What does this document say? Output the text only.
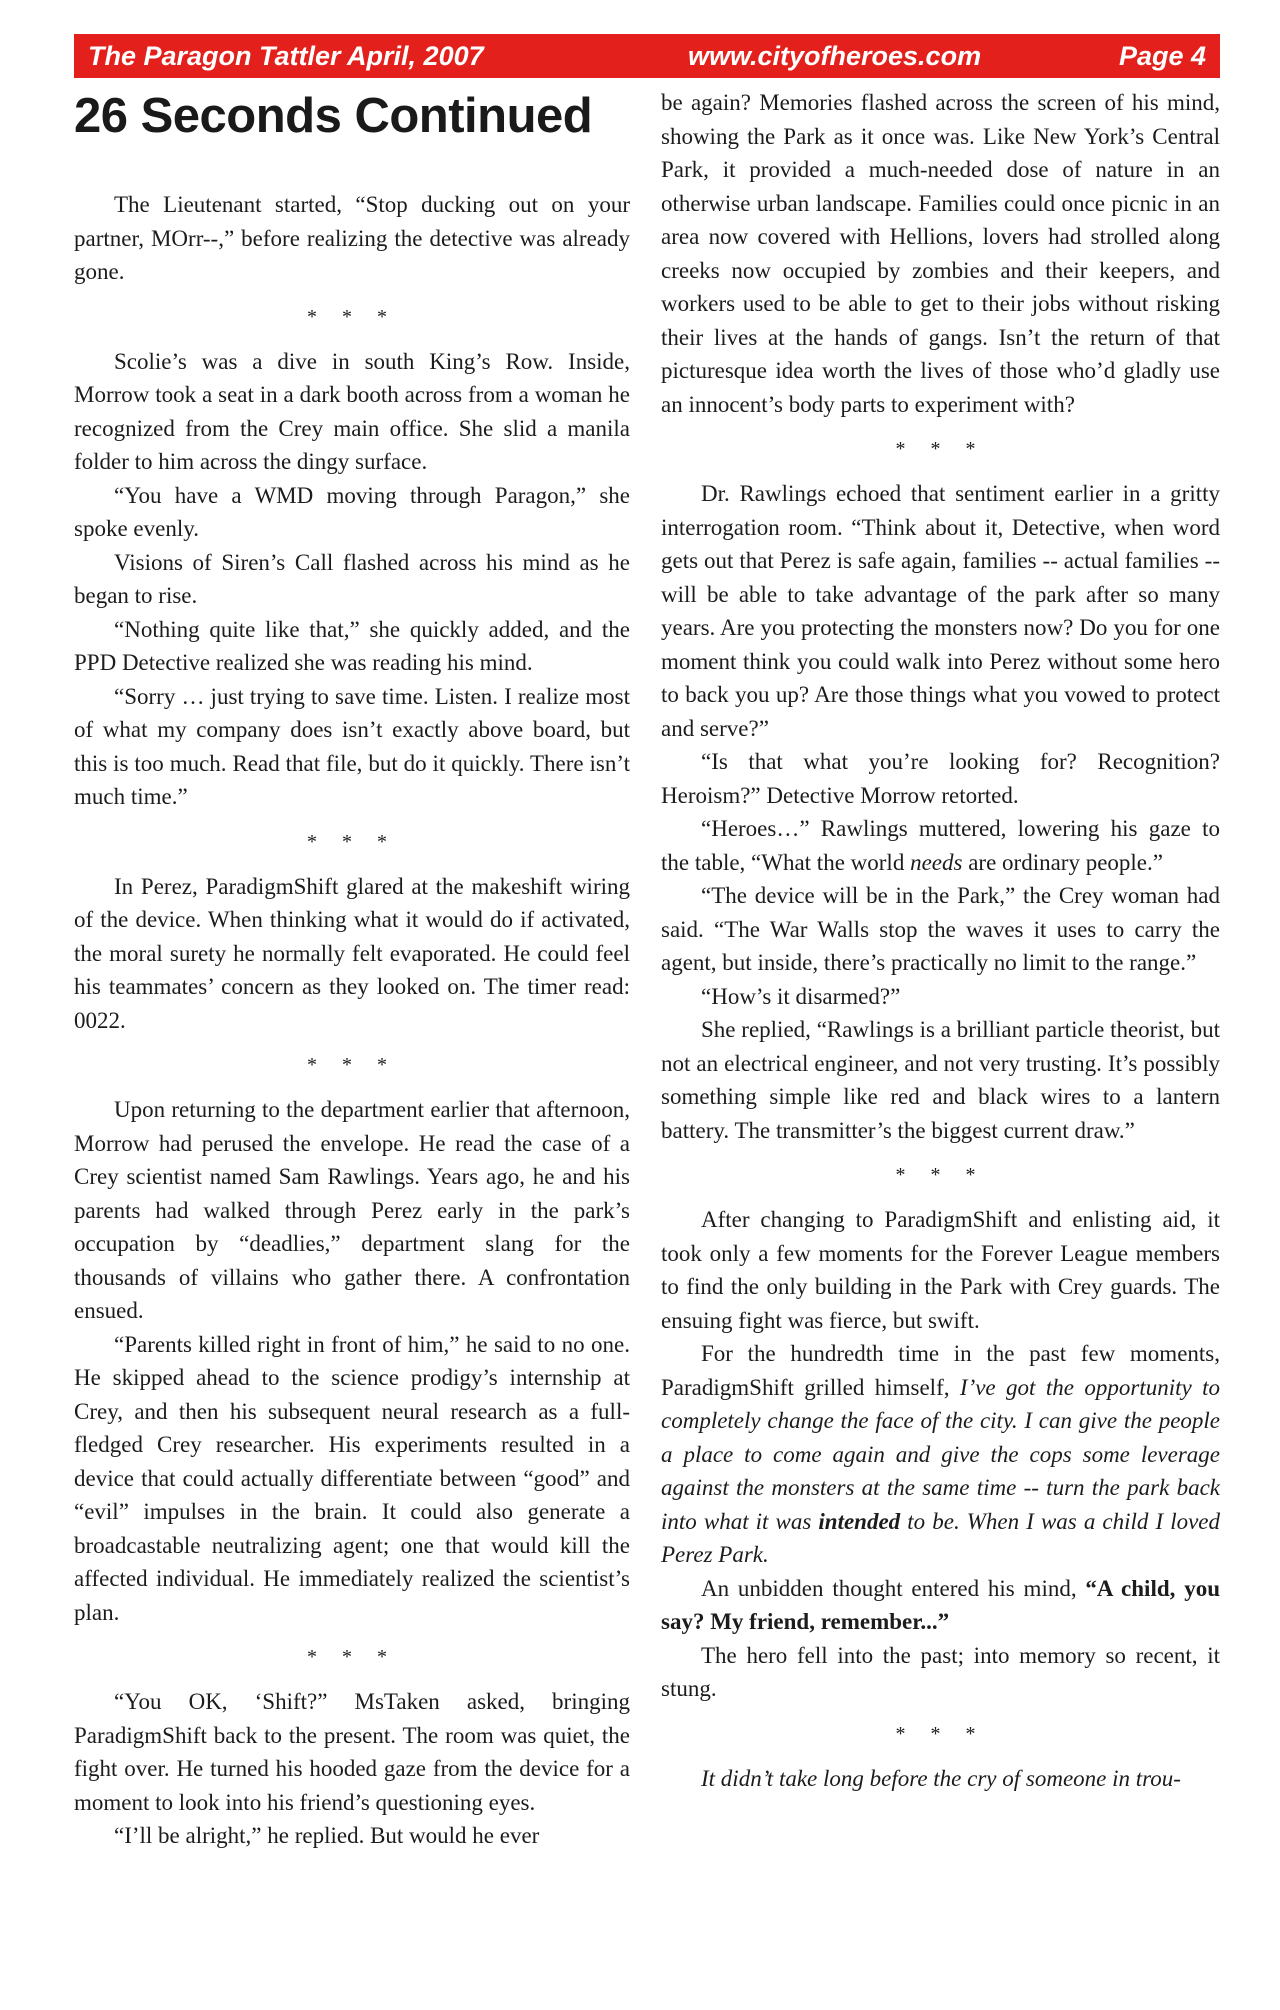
The Paragon Tattler April, 2007	www.cityofheroes.com	Page 4
26 Seconds Continued

The Lieutenant started, “Stop ducking out on your partner, MOrr--,” before realizing the detective was already gone.

* * *

Scolie’s was a dive in south King’s Row. Inside, Morrow took a seat in a dark booth across from a woman he recognized from the Crey main office. She slid a manila folder to him across the dingy surface.

“You have a WMD moving through Paragon,” she spoke evenly.

Visions of Siren’s Call flashed across his mind as he began to rise.

“Nothing quite like that,” she quickly added, and the PPD Detective realized she was reading his mind.

“Sorry … just trying to save time. Listen. I realize most of what my company does isn’t exactly above board, but this is too much. Read that file, but do it quickly. There isn’t much time.”

* * *

In Perez, ParadigmShift glared at the makeshift wiring of the device. When thinking what it would do if activated, the moral surety he normally felt evaporated. He could feel his teammates’ concern as they looked on. The timer read: 0022.

* * *

Upon returning to the department earlier that afternoon, Morrow had perused the envelope. He read the case of a Crey scientist named Sam Rawlings. Years ago, he and his parents had walked through Perez early in the park’s occupation by “deadlies,” department slang for the thousands of villains who gather there. A confrontation ensued.

“Parents killed right in front of him,” he said to no one. He skipped ahead to the science prodigy’s internship at Crey, and then his subsequent neural research as a full-fledged Crey researcher. His experiments resulted in a device that could actually differentiate between “good” and “evil” impulses in the brain. It could also generate a broadcastable neutralizing agent; one that would kill the affected individual. He immediately realized the scientist’s plan.

* * *

“You OK, ‘Shift?” MsTaken asked, bringing ParadigmShift back to the present. The room was quiet, the fight over. He turned his hooded gaze from the device for a moment to look into his friend’s questioning eyes.

“I’ll be alright,” he replied. But would he ever

be again? Memories flashed across the screen of his mind, showing the Park as it once was. Like New York’s Central Park, it provided a much-needed dose of nature in an otherwise urban landscape. Families could once picnic in an area now covered with Hellions, lovers had strolled along creeks now occupied by zombies and their keepers, and workers used to be able to get to their jobs without risking their lives at the hands of gangs. Isn’t the return of that picturesque idea worth the lives of those who’d gladly use an innocent’s body parts to experiment with?

* * *

Dr. Rawlings echoed that sentiment earlier in a gritty interrogation room. “Think about it, Detective, when word gets out that Perez is safe again, families -- actual families -- will be able to take advantage of the park after so many years. Are you protecting the monsters now? Do you for one moment think you could walk into Perez without some hero to back you up? Are those things what you vowed to protect and serve?”

“Is that what you’re looking for? Recognition? Heroism?” Detective Morrow retorted.

“Heroes…” Rawlings muttered, lowering his gaze to the table, “What the world needs are ordinary people.”

“The device will be in the Park,” the Crey woman had said. “The War Walls stop the waves it uses to carry the agent, but inside, there’s practically no limit to the range.”

“How’s it disarmed?”

She replied, “Rawlings is a brilliant particle theorist, but not an electrical engineer, and not very trusting. It’s possibly something simple like red and black wires to a lantern battery. The transmitter’s the biggest current draw.”

* * *

After changing to ParadigmShift and enlisting aid, it took only a few moments for the Forever League members to find the only building in the Park with Crey guards. The ensuing fight was fierce, but swift.

For the hundredth time in the past few moments, ParadigmShift grilled himself, I’ve got the opportunity to completely change the face of the city. I can give the people a place to come again and give the cops some leverage against the monsters at the same time -- turn the park back into what it was intended to be. When I was a child I loved Perez Park.

An unbidden thought entered his mind, “A child, you say? My friend, remember...”

The hero fell into the past; into memory so recent, it stung.

* * *

It didn’t take long before the cry of someone in trou-
